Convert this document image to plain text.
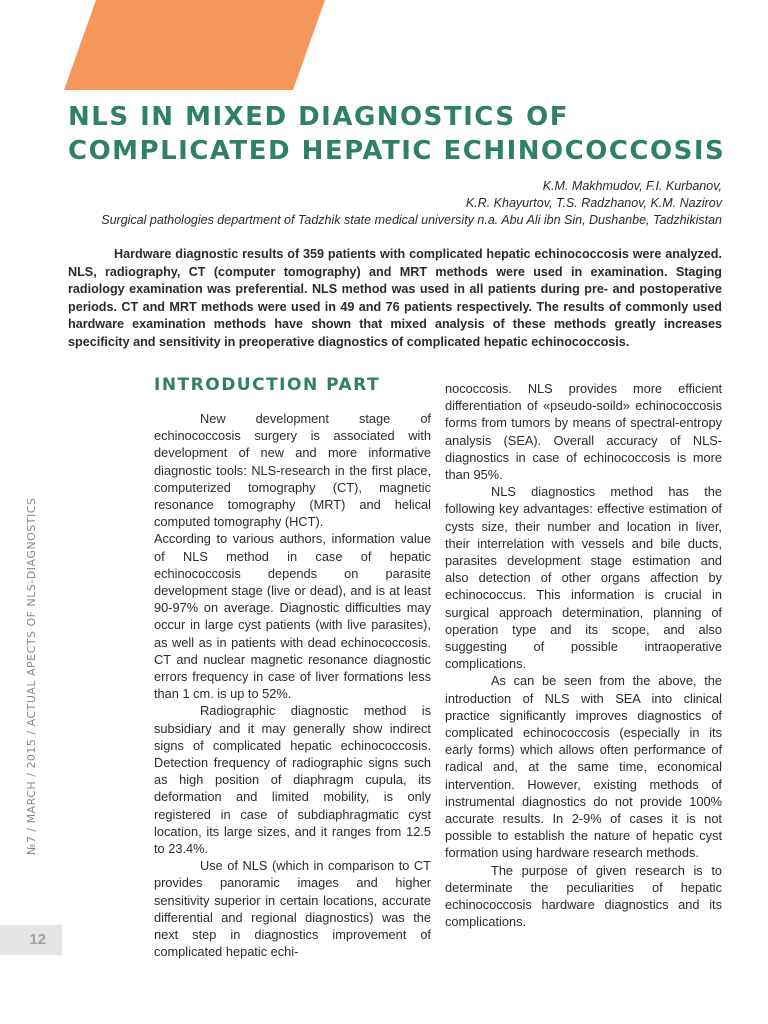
NLS IN MIXED DIAGNOSTICS OF
COMPLICATED HEPATIC ECHINOCOCCOSIS
K.M. Makhmudov, F.I. Kurbanov,
K.R. Khayurtov, T.S. Radzhanov, K.M. Nazirov
Surgical pathologies department of Tadzhik state medical university n.a. Abu Ali ibn Sin, Dushanbe, Tadzhikistan

Hardware diagnostic results of 359 patients with complicated hepatic echinococcosis were analyzed. NLS, radiography, CT (computer tomography) and MRT methods were used in examination. Staging radiology examination was preferential. NLS method was used in all patients during pre- and postoperative periods. CT and MRT methods were used in 49 and 76 patients respectively. The results of commonly used hardware examination methods have shown that mixed analysis of these methods greatly increases specificity and sensitivity in preoperative diagnostics of complicated hepatic echinococcosis.

INTRODUCTION PART

New development stage of echinococcosis surgery is associated with development of new and more informative diagnostic tools: NLS-research in the first place, computerized tomography (CT), magnetic resonance tomography (MRT) and helical computed tomography (HCT).

According to various authors, information value of NLS method in case of hepatic echinococcosis depends on parasite development stage (live or dead), and is at least 90-97% on average. Diagnostic difficulties may occur in large cyst patients (with live parasites), as well as in patients with dead echinococcosis. CT and nuclear magnetic resonance diagnostic errors frequency in case of liver formations less than 1 cm. is up to 52%.

Radiographic diagnostic method is subsidiary and it may generally show indirect signs of complicated hepatic echinococcosis. Detection frequency of radiographic signs such as high position of diaphragm cupula, its deformation and limited mobility, is only registered in case of subdiaphragmatic cyst location, its large sizes, and it ranges from 12.5 to 23.4%.

Use of NLS (which in comparison to CT provides panoramic images and higher sensitivity superior in certain locations, accurate differential and regional diagnostics) was the next step in diagnostics improvement of complicated hepatic echi-

nococcosis. NLS provides more efficient differentiation of «pseudo-soild» echinococcosis forms from tumors by means of spectral-entropy analysis (SEA). Overall accuracy of NLS-diagnostics in case of echinococcosis is more than 95%.

NLS diagnostics method has the following key advantages: effective estimation of cysts size, their number and location in liver, their interrelation with vessels and bile ducts, parasites development stage estimation and also detection of other organs affection by echinococcus. This information is crucial in surgical approach determination, planning of operation type and its scope, and also suggesting of possible intraoperative complications.

As can be seen from the above, the introduction of NLS with SEA into clinical practice significantly improves diagnostics of complicated echinococcosis (especially in its early forms) which allows often performance of radical and, at the same time, economical intervention. However, existing methods of instrumental diagnostics do not provide 100% accurate results. In 2-9% of cases it is not possible to establish the nature of hepatic cyst formation using hardware research methods.

The purpose of given research is to determinate the peculiarities of hepatic echinococcosis hardware diagnostics and its complications.

№7 / MARCH / 2015 / ACTUAL APECTS OF NLS-DIAGNOSTICS
12
